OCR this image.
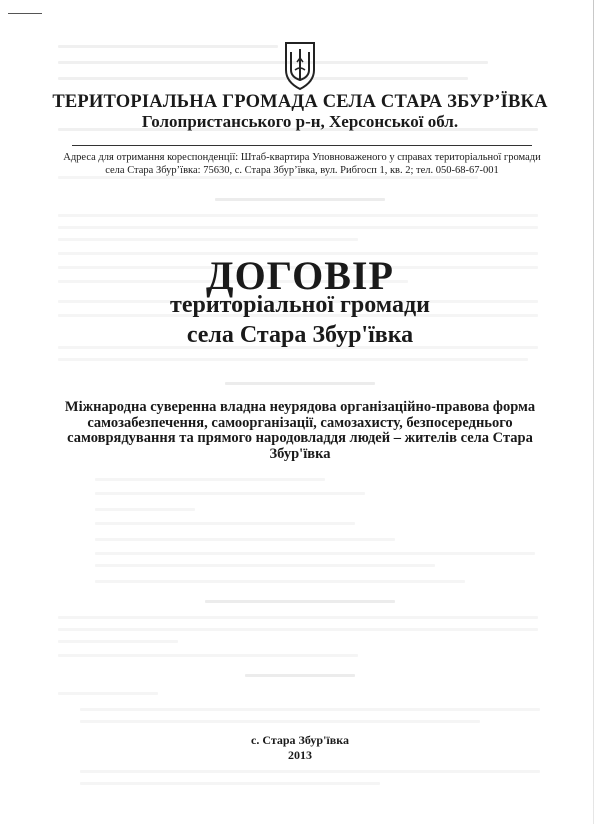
ТЕРИТОРІАЛЬНА ГРОМАДА СЕЛА СТАРА ЗБУР’ЇВКА
Голопристанського р-н, Херсонської обл.
Адреса для отримання кореспонденції: Штаб-квартира Уповноваженого у справах територіальної громади
села Стара Збур’ївка: 75630, с. Стара Збур’ївка, вул. Рибгосп 1, кв. 2; тел. 050-68-67-001
ДОГОВІР
територіальної громади
села Стара Збур'ївка
Міжнародна суверенна владна неурядова організаційно-правова форма самозабезпечення, самоорганізації, самозахисту, безпосереднього самоврядування та прямого народовладдя людей – жителів села Стара Збур'ївка
с. Стара Збур'ївка
2013
